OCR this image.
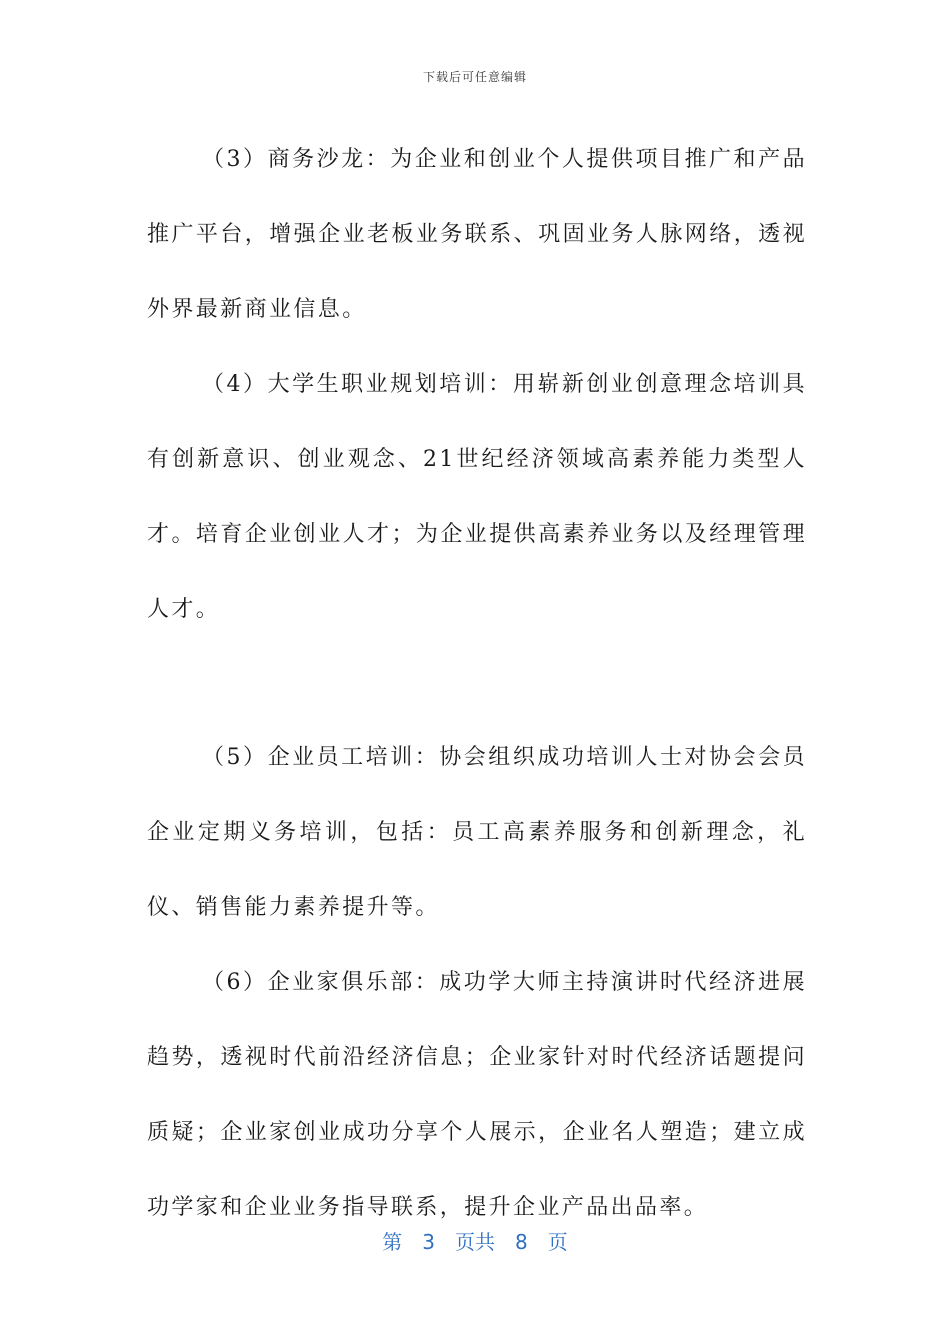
下载后可任意编辑

（3）商务沙龙：为企业和创业个人提供项目推广和产品推广平台，增强企业老板业务联系、巩固业务人脉网络，透视外界最新商业信息。

（4）大学生职业规划培训：用崭新创业创意理念培训具有创新意识、创业观念、21世纪经济领域高素养能力类型人才。培育企业创业人才；为企业提供高素养业务以及经理管理人才。

（5）企业员工培训：协会组织成功培训人士对协会会员企业定期义务培训，包括：员工高素养服务和创新理念，礼仪、销售能力素养提升等。

（6）企业家俱乐部：成功学大师主持演讲时代经济进展趋势，透视时代前沿经济信息；企业家针对时代经济话题提问质疑；企业家创业成功分享个人展示，企业名人塑造；建立成功学家和企业业务指导联系，提升企业产品出品率。

第 3 页共 8 页
